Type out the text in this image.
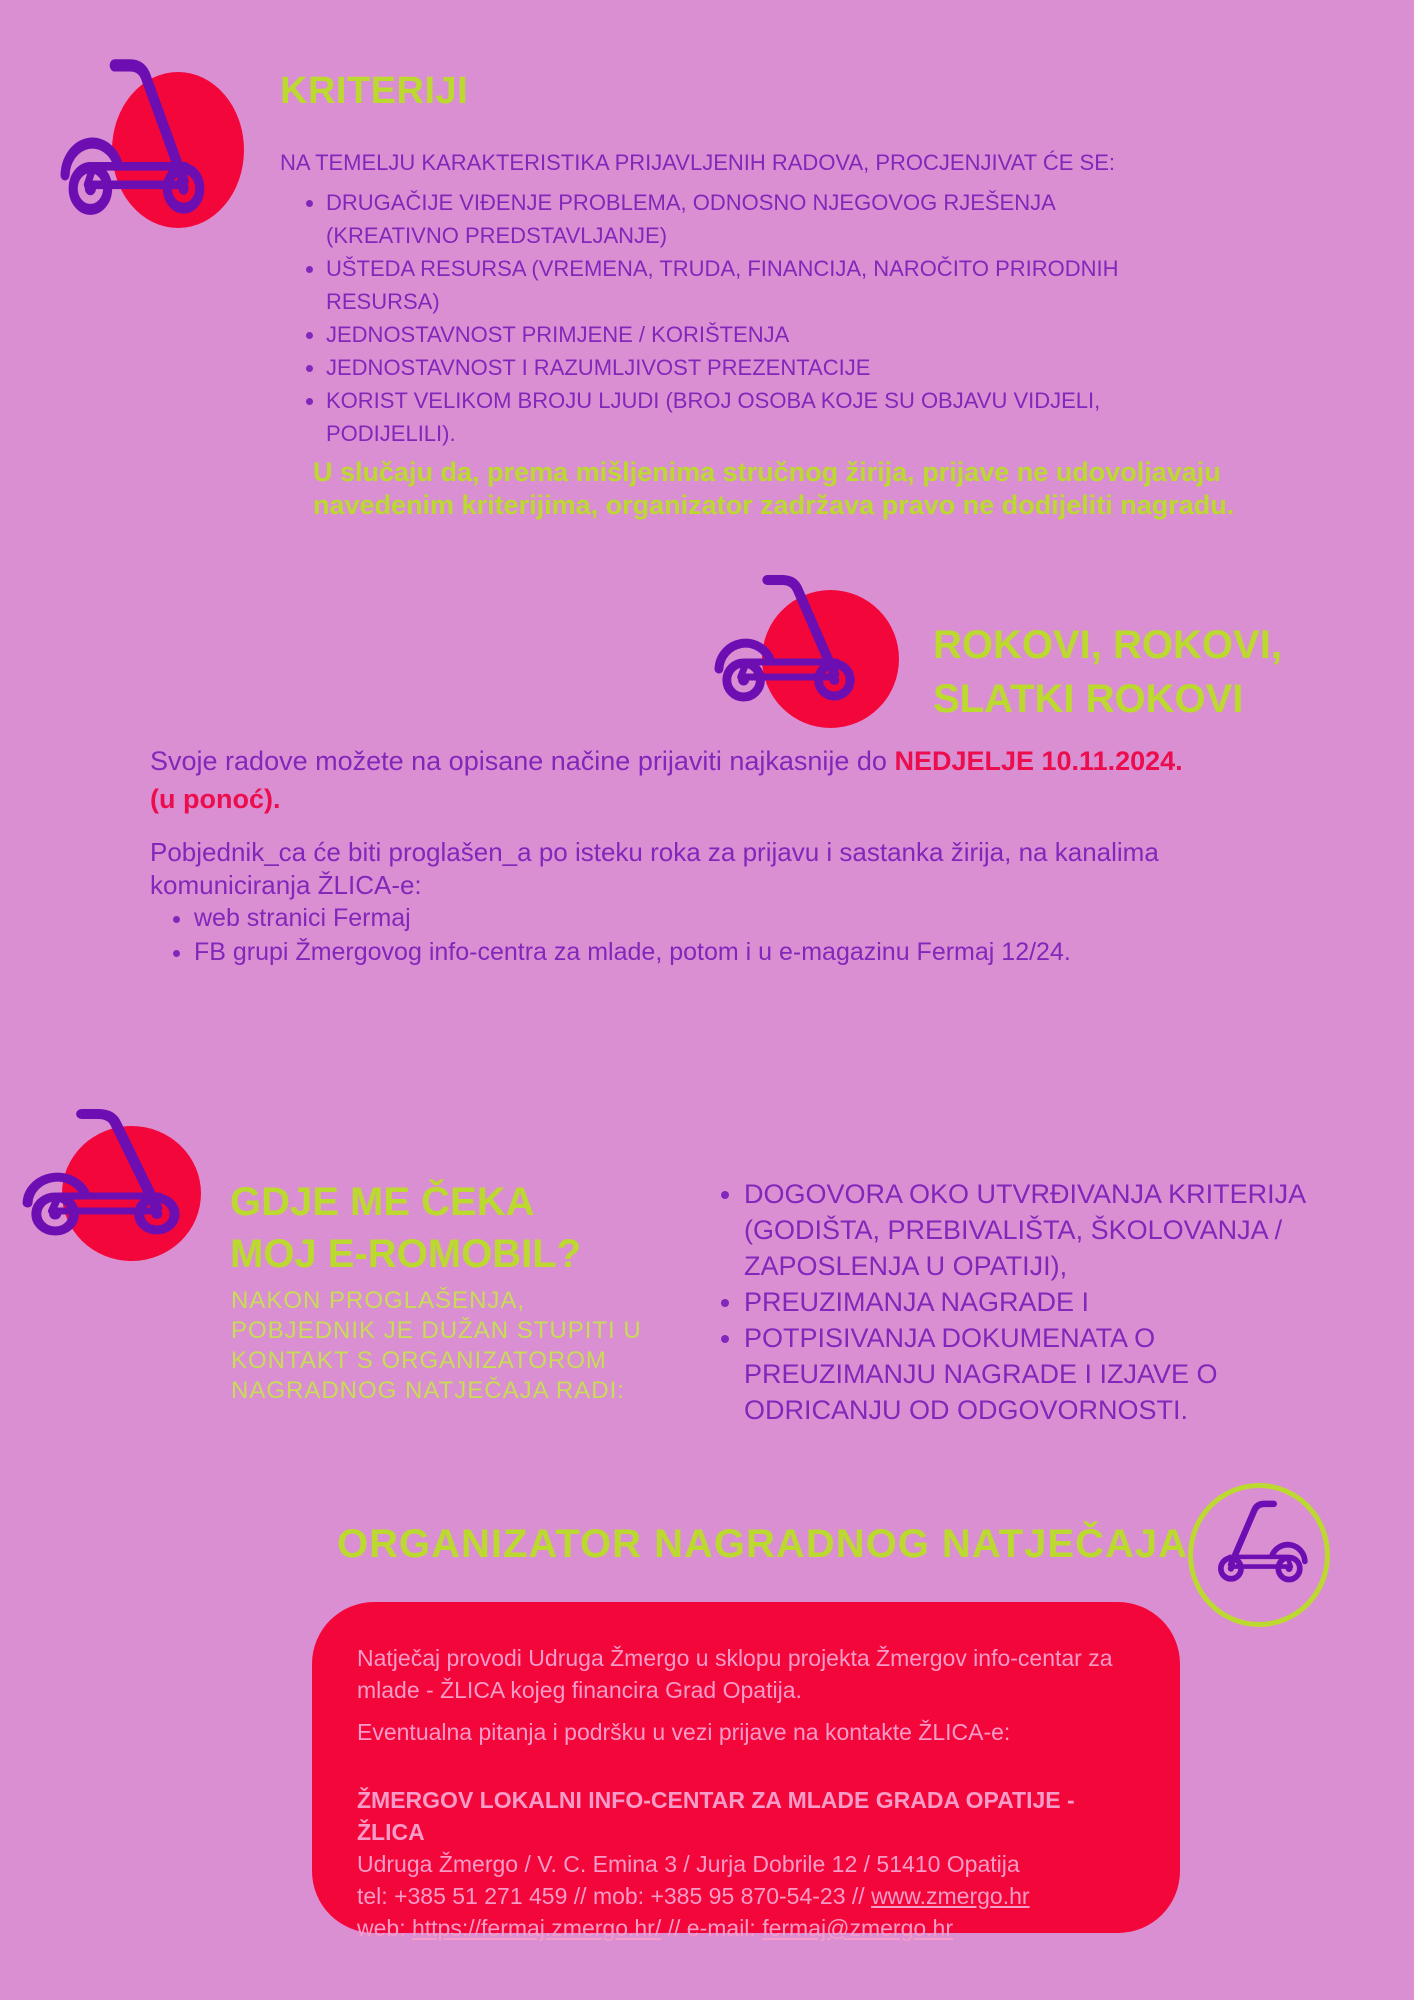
KRITERIJI
NA TEMELJU KARAKTERISTIKA PRIJAVLJENIH RADOVA, PROCJENJIVAT ĆE SE:
• DRUGAČIJE VIĐENJE PROBLEMA, ODNOSNO NJEGOVOG RJEŠENJA (KREATIVNO PREDSTAVLJANJE)
• UŠTEDA RESURSA (VREMENA, TRUDA, FINANCIJA, NAROČITO PRIRODNIH RESURSA)
• JEDNOSTAVNOST PRIMJENE / KORIŠTENJA
• JEDNOSTAVNOST I RAZUMLJIVOST PREZENTACIJE
• KORIST VELIKOM BROJU LJUDI (BROJ OSOBA KOJE SU OBJAVU VIDJELI, PODIJELILI).
U slučaju da, prema mišljenima stručnog žirija, prijave ne udovoljavaju
navedenim kriterijima, organizator zadržava pravo ne dodijeliti nagradu.
ROKOVI, ROKOVI,
SLATKI ROKOVI
Svoje radove možete na opisane načine prijaviti najkasnije do NEDJELJE 10.11.2024.
(u ponoć).
Pobjednik_ca će biti proglašen_a po isteku roka za prijavu i sastanka žirija, na kanalima komuniciranja ŽLICA-e:
• web stranici Fermaj
• FB grupi Žmergovog info-centra za mlade, potom i u e-magazinu Fermaj 12/24.
GDJE ME ČEKA
MOJ E-ROMOBIL?
NAKON PROGLAŠENJA,
POBJEDNIK JE DUŽAN STUPITI U
KONTAKT S ORGANIZATOROM
NAGRADNOG NATJEČAJA RADI:
• DOGOVORA OKO UTVRĐIVANJA KRITERIJA (GODIŠTA, PREBIVALIŠTA, ŠKOLOVANJA / ZAPOSLENJA U OPATIJI),
• PREUZIMANJA NAGRADE I
• POTPISIVANJA DOKUMENATA O PREUZIMANJU NAGRADE I IZJAVE O ODRICANJU OD ODGOVORNOSTI.
ORGANIZATOR NAGRADNOG NATJEČAJA
Natječaj provodi Udruga Žmergo u sklopu projekta Žmergov info-centar za mlade - ŽLICA kojeg financira Grad Opatija.
Eventualna pitanja i podršku u vezi prijave na kontakte ŽLICA-e:
ŽMERGOV LOKALNI INFO-CENTAR ZA MLADE GRADA OPATIJE - ŽLICA
Udruga Žmergo / V. C. Emina 3 / Jurja Dobrile 12 / 51410 Opatija
tel: +385 51 271 459 // mob: +385 95 870-54-23 // www.zmergo.hr
web: https://fermaj.zmergo.hr/ // e-mail: fermaj@zmergo.hr
